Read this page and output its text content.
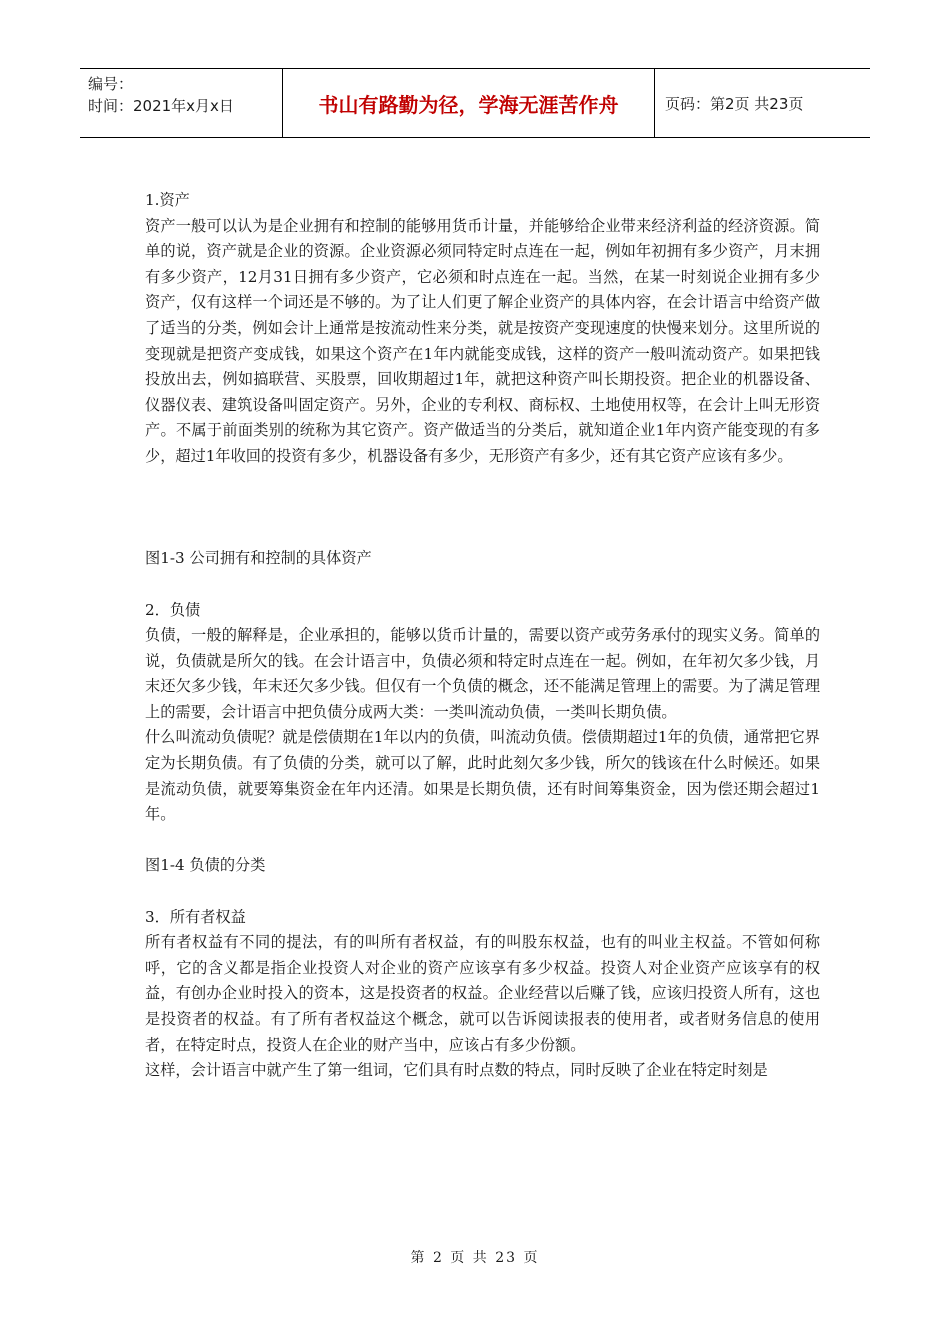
编号：
时间：2021年x月x日	书山有路勤为径，学海无涯苦作舟	页码：第2页 共23页

1.资产

资产一般可以认为是企业拥有和控制的能够用货币计量，并能够给企业带来经济利益的经济资源。简单的说，资产就是企业的资源。企业资源必须同特定时点连在一起，例如年初拥有多少资产，月末拥有多少资产，12月31日拥有多少资产，它必须和时点连在一起。当然，在某一时刻说企业拥有多少资产，仅有这样一个词还是不够的。为了让人们更了解企业资产的具体内容，在会计语言中给资产做了适当的分类，例如会计上通常是按流动性来分类，就是按资产变现速度的快慢来划分。这里所说的变现就是把资产变成钱，如果这个资产在1年内就能变成钱，这样的资产一般叫流动资产。如果把钱投放出去，例如搞联营、买股票，回收期超过1年，就把这种资产叫长期投资。把企业的机器设备、仪器仪表、建筑设备叫固定资产。另外，企业的专利权、商标权、土地使用权等，在会计上叫无形资产。不属于前面类别的统称为其它资产。资产做适当的分类后，就知道企业1年内资产能变现的有多少，超过1年收回的投资有多少，机器设备有多少，无形资产有多少，还有其它资产应该有多少。

图1-3 公司拥有和控制的具体资产

2．负债

负债，一般的解释是，企业承担的，能够以货币计量的，需要以资产或劳务承付的现实义务。简单的说，负债就是所欠的钱。在会计语言中，负债必须和特定时点连在一起。例如，在年初欠多少钱，月末还欠多少钱，年末还欠多少钱。但仅有一个负债的概念，还不能满足管理上的需要。为了满足管理上的需要，会计语言中把负债分成两大类：一类叫流动负债，一类叫长期负债。

什么叫流动负债呢？就是偿债期在1年以内的负债，叫流动负债。偿债期超过1年的负债，通常把它界定为长期负债。有了负债的分类，就可以了解，此时此刻欠多少钱，所欠的钱该在什么时候还。如果是流动负债，就要筹集资金在年内还清。如果是长期负债，还有时间筹集资金，因为偿还期会超过1年。

图1-4 负债的分类

3．所有者权益

所有者权益有不同的提法，有的叫所有者权益，有的叫股东权益，也有的叫业主权益。不管如何称呼，它的含义都是指企业投资人对企业的资产应该享有多少权益。投资人对企业资产应该享有的权益，有创办企业时投入的资本，这是投资者的权益。企业经营以后赚了钱，应该归投资人所有，这也是投资者的权益。有了所有者权益这个概念，就可以告诉阅读报表的使用者，或者财务信息的使用者，在特定时点，投资人在企业的财产当中，应该占有多少份额。

这样，会计语言中就产生了第一组词，它们具有时点数的特点，同时反映了企业在特定时刻是

第 2 页 共 23 页
